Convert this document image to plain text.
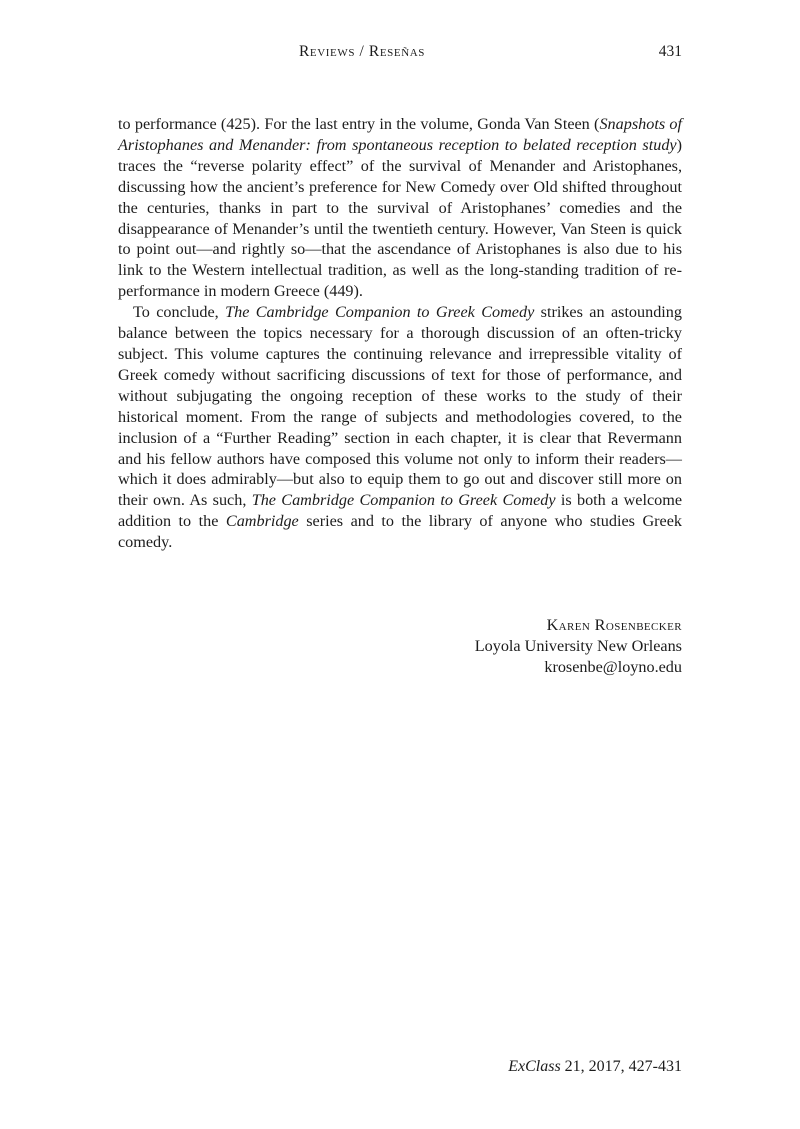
Reviews / Reseñas	431

to performance (425). For the last entry in the volume, Gonda Van Steen (Snapshots of Aristophanes and Menander: from spontaneous reception to belated reception study) traces the “reverse polarity effect” of the survival of Menander and Aristophanes, discussing how the ancient’s preference for New Comedy over Old shifted throughout the centuries, thanks in part to the survival of Aristophanes’ comedies and the disappearance of Menander’s until the twentieth century. However, Van Steen is quick to point out—and rightly so—that the ascendance of Aristophanes is also due to his link to the Western intellectual tradition, as well as the long-standing tradition of re-performance in modern Greece (449).

To conclude, The Cambridge Companion to Greek Comedy strikes an astounding balance between the topics necessary for a thorough discussion of an often-tricky subject. This volume captures the continuing relevance and irrepressible vitality of Greek comedy without sacrificing discussions of text for those of performance, and without subjugating the ongoing reception of these works to the study of their historical moment. From the range of subjects and methodologies covered, to the inclusion of a “Further Reading” section in each chapter, it is clear that Revermann and his fellow authors have composed this volume not only to inform their readers—which it does admirably—but also to equip them to go out and discover still more on their own. As such, The Cambridge Companion to Greek Comedy is both a welcome addition to the Cambridge series and to the library of anyone who studies Greek comedy.

Karen Rosenbecker
Loyola University New Orleans
krosenbe@loyno.edu
ExClass 21, 2017, 427-431
